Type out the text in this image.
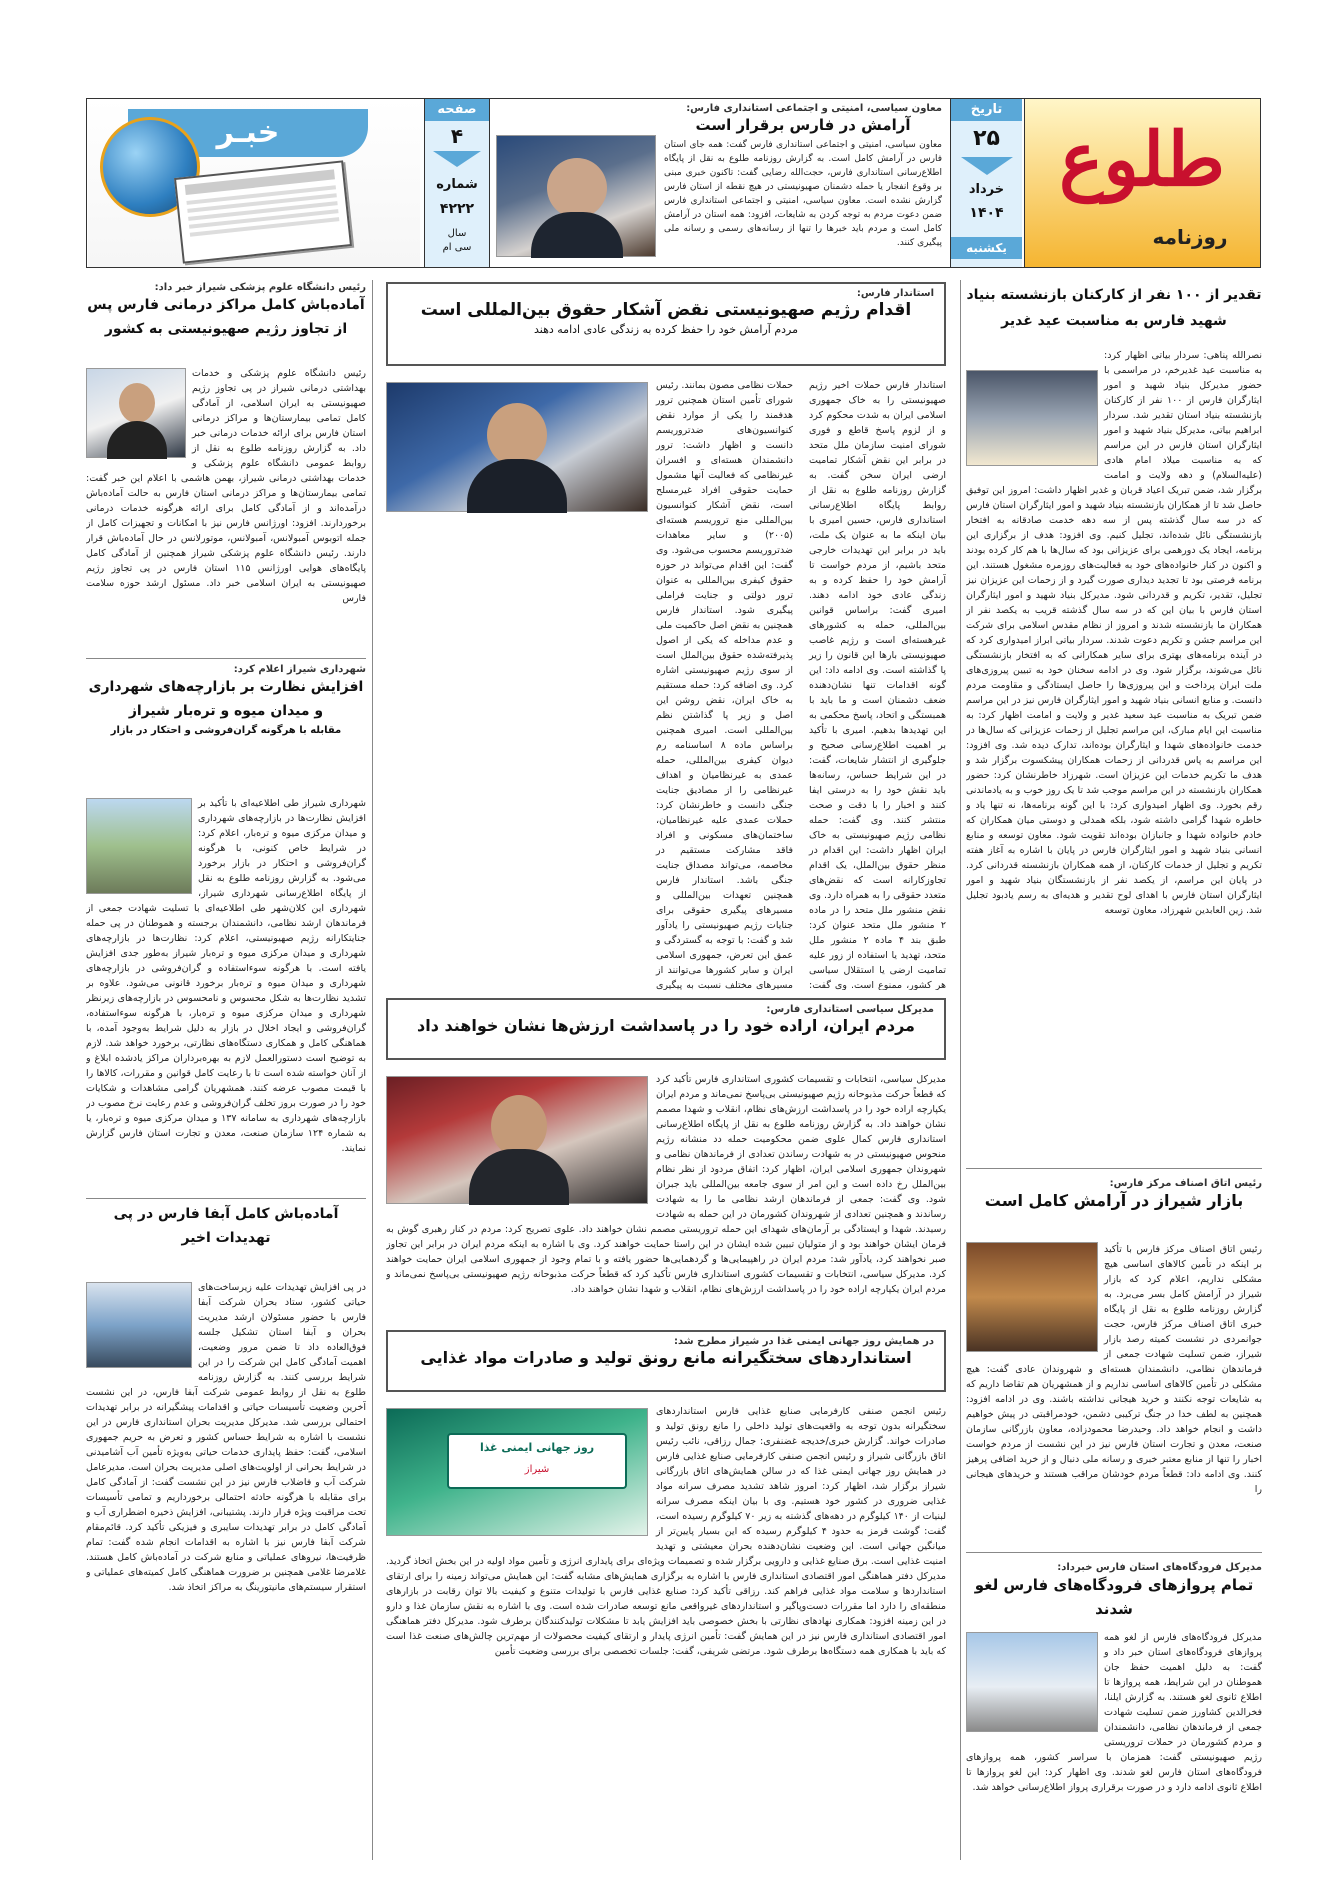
طلوع
روزنامه
تاریخ
۲۵
خرداد
۱۴۰۴
یکشنبه

معاون سیاسی، امنیتی و اجتماعی استانداری فارس:

آرامش در فارس برقرار است

معاون سیاسی، امنیتی و اجتماعی استانداری فارس گفت: همه جای استان فارس در آرامش کامل است. به گزارش روزنامه طلوع به نقل از پایگاه اطلاع‌رسانی استانداری فارس، حجت‌الله رضایی گفت: تاکنون خبری مبنی بر وقوع انفجار یا حمله دشمنان صهیونیستی در هیچ نقطه از استان فارس گزارش نشده است. معاون سیاسی، امنیتی و اجتماعی استانداری فارس ضمن دعوت مردم به توجه کردن به شایعات، افزود: همه استان در آرامش کامل است و مردم باید خبرها را تنها از رسانه‌های رسمی و رسانه ملی پیگیری کنند.

صفحه
۴
شماره
۴۲۲۲
سال
سی ام
خبـر

تقدیر از ۱۰۰ نفر از کارکنان بازنشسته بنیاد شهید فارس به مناسبت عید غدیر

نصرالله پناهی: سردار بیاتی اظهار کرد: به مناسبت عید غدیرخم، در مراسمی با حضور مدیرکل بنیاد شهید و امور ایثارگران فارس از ۱۰۰ نفر از کارکنان بازنشسته بنیاد استان تقدیر شد. سردار ابراهیم بیاتی، مدیرکل بنیاد شهید و امور ایثارگران استان فارس در این مراسم که به مناسبت میلاد امام هادی (علیه‌السلام) و دهه ولایت و امامت برگزار شد، ضمن تبریک اعیاد قربان و غدیر اظهار داشت: امروز این توفیق حاصل شد تا از همکاران بازنشسته بنیاد شهید و امور ایثارگران استان فارس که در سه سال گذشته پس از سه دهه خدمت صادقانه به افتخار بازنشستگی نائل شده‌اند، تجلیل کنیم. وی افزود: هدف از برگزاری این برنامه، ایجاد یک دورهمی برای عزیزانی بود که سال‌ها با هم کار کرده بودند و اکنون در کنار خانواده‌های خود به فعالیت‌های روزمره مشغول هستند. این برنامه فرصتی بود تا تجدید دیداری صورت گیرد و از زحمات این عزیزان نیز تجلیل، تقدیر، تکریم و قدردانی شود. مدیرکل بنیاد شهید و امور ایثارگران استان فارس با بیان این که در سه سال گذشته قریب به یکصد نفر از همکاران ما بازنشسته شدند و امروز از نظام مقدس اسلامی برای شرکت این مراسم جشن و تکریم دعوت شدند. سردار بیاتی ابراز امیدواری کرد که در آینده برنامه‌های بهتری برای سایر همکارانی که به افتخار بازنشستگی نائل می‌شوند، برگزار شود. وی در ادامه سخنان خود به تبیین پیروزی‌های ملت ایران پرداخت و این پیروزی‌ها را حاصل ایستادگی و مقاومت مردم دانست. و منابع انسانی بنیاد شهید و امور ایثارگران فارس نیز در این مراسم ضمن تبریک به مناسبت عید سعید غدیر و ولایت و امامت اظهار کرد: به مناسبت این ایام مبارک، این مراسم تجلیل از زحمات عزیزانی که سال‌ها در خدمت خانواده‌های شهدا و ایثارگران بوده‌اند، تدارک دیده شد. وی افزود: این مراسم به پاس قدردانی از زحمات همکاران پیشکسوت برگزار شد و هدف ما تکریم خدمات این عزیزان است. شهرزاد خاطرنشان کرد: حضور همکاران بازنشسته در این مراسم موجب شد تا یک روز خوب و به یادماندنی رقم بخورد. وی اظهار امیدواری کرد: با این گونه برنامه‌ها، نه تنها یاد و خاطره شهدا گرامی داشته شود، بلکه همدلی و دوستی میان همکاران که خادم خانواده شهدا و جانبازان بوده‌اند تقویت شود. معاون توسعه و منابع انسانی بنیاد شهید و امور ایثارگران فارس در پایان با اشاره به آغاز هفته تکریم و تجلیل از خدمات کارکنان، از همه همکاران بازنشسته قدردانی کرد. در پایان این مراسم، از یکصد نفر از بازنشستگان بنیاد شهید و امور ایثارگران استان فارس با اهدای لوح تقدیر و هدیه‌ای به رسم یادبود تجلیل شد. زین العابدین شهرزاد، معاون توسعه

رئیس اتاق اصناف مرکز فارس:

بازار شیراز در آرامش کامل است

رئیس اتاق اصناف مرکز فارس با تأکید بر اینکه در تأمین کالاهای اساسی هیچ مشکلی نداریم، اعلام کرد که بازار شیراز در آرامش کامل بسر می‌برد. به گزارش روزنامه طلوع به نقل از پایگاه خبری اتاق اصناف مرکز فارس، حجت جوانمردی در نشست کمیته رصد بازار شیراز، ضمن تسلیت شهادت جمعی از فرماندهان نظامی، دانشمندان هسته‌ای و شهروندان عادی گفت: هیچ مشکلی در تأمین کالاهای اساسی نداریم و از همشهریان هم تقاضا داریم که به شایعات توجه نکنند و خرید هیجانی نداشته باشند. وی در ادامه افزود: همچنین به لطف خدا در جنگ ترکیبی دشمن، خودمراقبتی در پیش خواهیم داشت و انجام خواهد داد. وحیدرضا محمودزاده، معاون بازرگانی سازمان صنعت، معدن و تجارت استان فارس نیز در این نشست از مردم خواست اخبار را تنها از منابع معتبر خبری و رسانه ملی دنبال و از خرید اضافی پرهیز کنند. وی ادامه داد: قطعاً مردم خودشان مراقب هستند و خریدهای هیجانی را

مدیرکل فرودگاه‌های استان فارس خبرداد:

تمام پروازهای فرودگاه‌های فارس لغو شدند

مدیرکل فرودگاه‌های فارس از لغو همه پروازهای فرودگاه‌های استان خبر داد و گفت: به دلیل اهمیت حفظ جان هموطنان در این شرایط، همه پروازها تا اطلاع ثانوی لغو هستند. به گزارش ایلنا، فخرالدین کشاورز ضمن تسلیت شهادت جمعی از فرماندهان نظامی، دانشمندان و مردم کشورمان در حملات تروریستی رژیم صهیونیستی گفت: همزمان با سراسر کشور، همه پروازهای فرودگاه‌های استان فارس لغو شدند. وی اظهار کرد: این لغو پروازها تا اطلاع ثانوی ادامه دارد و در صورت برقراری پرواز اطلاع‌رسانی خواهد شد.

استاندار فارس:

اقدام رژیم صهیونیستی نقض آشکار حقوق بین‌المللی است

مردم آرامش خود را حفظ کرده به زندگی عادی ادامه دهند

استاندار فارس حملات اخیر رژیم صهیونیستی را به خاک جمهوری اسلامی ایران به شدت محکوم کرد و از لزوم پاسخ قاطع و فوری شورای امنیت سازمان ملل متحد در برابر این نقض آشکار تمامیت ارضی ایران سخن گفت. به گزارش روزنامه طلوع به نقل از روابط پایگاه اطلاع‌رسانی استانداری فارس، حسین امیری با بیان اینکه ما به عنوان یک ملت، باید در برابر این تهدیدات خارجی متحد باشیم، از مردم خواست تا آرامش خود را حفظ کرده و به زندگی عادی خود ادامه دهند. امیری گفت: براساس قوانین بین‌المللی، حمله به کشورهای غیرهسته‌ای است و رژیم غاصب صهیونیستی بارها این قانون را زیر پا گذاشته است. وی ادامه داد: این گونه اقدامات تنها نشان‌دهنده ضعف دشمنان است و ما باید با همبستگی و اتحاد، پاسخ محکمی به این تهدیدها بدهیم. امیری با تأکید بر اهمیت اطلاع‌رسانی صحیح و جلوگیری از انتشار شایعات، گفت: در این شرایط حساس، رسانه‌ها باید نقش خود را به درستی ایفا کنند و اخبار را با دقت و صحت منتشر کنند. وی گفت: حمله نظامی رژیم صهیونیستی به خاک ایران اظهار داشت: این اقدام در منظر حقوق بین‌الملل، یک اقدام تجاوزکارانه است که نقض‌های متعدد حقوقی را به همراه دارد. وی نقض منشور ملل متحد را در ماده ۲ منشور ملل متحد عنوان کرد: طبق بند ۴ ماده ۲ منشور ملل متحد، تهدید یا استفاده از زور علیه تمامیت ارضی یا استقلال سیاسی هر کشور، ممنوع است. وی گفت: حملات نظامی مصون بمانند. رئیس شورای تأمین استان همچنین ترور هدفمند را یکی از موارد نقض کنوانسیون‌های ضدتروریسم دانست و اظهار داشت: ترور دانشمندان هسته‌ای و افسران غیرنظامی که فعالیت آنها مشمول حمایت حقوقی افراد غیرمسلح است، نقض آشکار کنوانسیون بین‌المللی منع تروریسم هسته‌ای (۲۰۰۵) و سایر معاهدات ضدتروریسم محسوب می‌شود. وی گفت: این اقدام می‌تواند در حوزه حقوق کیفری بین‌المللی به عنوان ترور دولتی و جنایت فراملی پیگیری شود. استاندار فارس همچنین به نقض اصل حاکمیت ملی و عدم مداخله که یکی از اصول پذیرفته‌شده حقوق بین‌الملل است از سوی رژیم صهیونیستی اشاره کرد. وی اضافه کرد: حمله مستقیم به خاک ایران، نقض روشن این اصل و زیر پا گذاشتن نظم بین‌المللی است. امیری همچنین براساس ماده ۸ اساسنامه رم دیوان کیفری بین‌المللی، حمله عمدی به غیرنظامیان و اهداف غیرنظامی را از مصادیق جنایت جنگی دانست و خاطرنشان کرد: حملات عمدی علیه غیرنظامیان، ساختمان‌های مسکونی و افراد فاقد مشارکت مستقیم در مخاصمه، می‌تواند مصداق جنایت جنگی باشد. استاندار فارس همچنین تعهدات بین‌المللی و مسیرهای پیگیری حقوقی برای جنایات رژیم صهیونیستی را یادآور شد و گفت: با توجه به گستردگی و عمق این تعرض، جمهوری اسلامی ایران و سایر کشورها می‌توانند از مسیرهای مختلف نسبت به پیگیری

مدیرکل سیاسی استانداری فارس:

مردم ایران، اراده خود را در پاسداشت ارزش‌ها نشان خواهند داد

مدیرکل سیاسی، انتخابات و تقسیمات کشوری استانداری فارس تأکید کرد که قطعاً حرکت مذبوحانه رژیم صهیونیستی بی‌پاسخ نمی‌ماند و مردم ایران یکپارچه اراده خود را در پاسداشت ارزش‌های نظام، انقلاب و شهدا مصمم نشان خواهند داد. به گزارش روزنامه طلوع به نقل از پایگاه اطلاع‌رسانی استانداری فارس کمال علوی ضمن محکومیت حمله دد منشانه رژیم منحوس صهیونیستی در به شهادت رساندن تعدادی از فرماندهان نظامی و شهروندان جمهوری اسلامی ایران، اظهار کرد: اتفاق مردود از نظر نظام بین‌الملل رخ داده است و این امر از سوی جامعه بین‌المللی باید جبران شود. وی گفت: جمعی از فرماندهان ارشد نظامی ما را به شهادت رساندند و همچنین تعدادی از شهروندان کشورمان در این حمله به شهادت رسیدند. شهدا و ایستادگی بر آرمان‌های شهدای این حمله تروریستی مصمم نشان خواهند داد. علوی تصریح کرد: مردم در کنار رهبری گوش به فرمان ایشان خواهند بود و از متولیان تبیین شده ایشان در این راستا حمایت خواهند کرد. وی با اشاره به اینکه مردم ایران در برابر این تجاوز صبر نخواهند کرد، یادآور شد: مردم ایران در راهپیمایی‌ها و گردهمایی‌ها حضور یافته و با تمام وجود از جمهوری اسلامی ایران حمایت خواهند کرد. مدیرکل سیاسی، انتخابات و تقسیمات کشوری استانداری فارس تأکید کرد که قطعاً حرکت مذبوحانه رژیم صهیونیستی بی‌پاسخ نمی‌ماند و مردم ایران یکپارچه اراده خود را در پاسداشت ارزش‌های نظام، انقلاب و شهدا نشان خواهند داد.

در همایش روز جهانی ایمنی غذا در شیراز مطرح شد:

استانداردهای سختگیرانه مانع رونق تولید و صادرات مواد غذایی

روز جهانی ایمنی غذا
شیراز

رئیس انجمن صنفی کارفرمایی صنایع غذایی فارس استانداردهای سختگیرانه بدون توجه به واقعیت‌های تولید داخلی را مانع رونق تولید و صادرات خواند. گزارش خبری/خدیجه غضنفری: جمال رزاقی، نائب رئیس اتاق بازرگانی شیراز و رئیس انجمن صنفی کارفرمایی صنایع غذایی فارس در همایش روز جهانی ایمنی غذا که در سالن همایش‌های اتاق بازرگانی شیراز برگزار شد، اظهار کرد: امروز شاهد تشدید مصرف سرانه مواد غذایی ضروری در کشور خود هستیم. وی با بیان اینکه مصرف سرانه لبنیات از ۱۴۰ کیلوگرم در دهه‌های گذشته به زیر ۷۰ کیلوگرم رسیده است، گفت: گوشت قرمز به حدود ۴ کیلوگرم رسیده که این بسیار پایین‌تر از میانگین جهانی است. این وضعیت نشان‌دهنده بحران معیشتی و تهدید امنیت غذایی است. برق صنایع غذایی و دارویی برگزار شده و تصمیمات ویژه‌ای برای پایداری انرژی و تأمین مواد اولیه در این بخش اتخاذ گردید. مدیرکل دفتر هماهنگی امور اقتصادی استانداری فارس با اشاره به برگزاری همایش‌های مشابه گفت: این همایش می‌تواند زمینه را برای ارتقای استانداردها و سلامت مواد غذایی فراهم کند. رزاقی تأکید کرد: صنایع غذایی فارس با تولیدات متنوع و کیفیت بالا توان رقابت در بازارهای منطقه‌ای را دارد اما مقررات دست‌وپاگیر و استانداردهای غیرواقعی مانع توسعه صادرات شده است. وی با اشاره به نقش سازمان غذا و دارو در این زمینه افزود: همکاری نهادهای نظارتی با بخش خصوصی باید افزایش یابد تا مشکلات تولیدکنندگان برطرف شود. مدیرکل دفتر هماهنگی امور اقتصادی استانداری فارس نیز در این همایش گفت: تأمین انرژی پایدار و ارتقای کیفیت محصولات از مهم‌ترین چالش‌های صنعت غذا است که باید با همکاری همه دستگاه‌ها برطرف شود. مرتضی شریفی، گفت: جلسات تخصصی برای بررسی وضعیت تأمین

رئیس دانشگاه علوم پزشکی شیراز خبر داد:

آماده‌باش کامل مراکز درمانی فارس پس از تجاوز رژیم صهیونیستی به کشور

رئیس دانشگاه علوم پزشکی و خدمات بهداشتی درمانی شیراز در پی تجاوز رژیم صهیونیستی به ایران اسلامی، از آمادگی کامل تمامی بیمارستان‌ها و مراکز درمانی استان فارس برای ارائه خدمات درمانی خبر داد. به گزارش روزنامه طلوع به نقل از روابط عمومی دانشگاه علوم پزشکی و خدمات بهداشتی درمانی شیراز، بهمن هاشمی با اعلام این خبر گفت: تمامی بیمارستان‌ها و مراکز درمانی استان فارس به حالت آماده‌باش درآمده‌اند و از آمادگی کامل برای ارائه هرگونه خدمات درمانی برخوردارند. افزود: اورژانس فارس نیز با امکانات و تجهیزات کامل از جمله اتوبوس آمبولانس، آمبولانس، موتورلانس در حال آماده‌باش قرار دارند. رئیس دانشگاه علوم پزشکی شیراز همچنین از آمادگی کامل پایگاه‌های هوایی اورژانس ۱۱۵ استان فارس در پی تجاوز رژیم صهیونیستی به ایران اسلامی خبر داد. مسئول ارشد حوزه سلامت فارس

شهرداری شیراز اعلام کرد:

افزایش نظارت بر بازارچه‌های شهرداری و میدان میوه و تره‌بار شیراز

مقابله با هرگونه گران‌فروشی و احتکار در بازار

شهرداری شیراز طی اطلاعیه‌ای با تأکید بر افزایش نظارت‌ها در بازارچه‌های شهرداری و میدان مرکزی میوه و تره‌بار، اعلام کرد: در شرایط خاص کنونی، با هرگونه گران‌فروشی و احتکار در بازار برخورد می‌شود. به گزارش روزنامه طلوع به نقل از پایگاه اطلاع‌رسانی شهرداری شیراز، شهرداری این کلان‌شهر طی اطلاعیه‌ای با تسلیت شهادت جمعی از فرماندهان ارشد نظامی، دانشمندان برجسته و هموطنان در پی حمله جنایتکارانه رژیم صهیونیستی، اعلام کرد: نظارت‌ها در بازارچه‌های شهرداری و میدان مرکزی میوه و تره‌بار شیراز به‌طور جدی افزایش یافته است. با هرگونه سوءاستفاده و گران‌فروشی در بازارچه‌های شهرداری و میدان میوه و تره‌بار برخورد قانونی می‌شود. علاوه بر تشدید نظارت‌ها به شکل محسوس و نامحسوس در بازارچه‌های زیرنظر شهرداری و میدان مرکزی میوه و تره‌بار، با هرگونه سوءاستفاده، گران‌فروشی و ایجاد اخلال در بازار به دلیل شرایط به‌وجود آمده، با هماهنگی کامل و همکاری دستگاه‌های نظارتی، برخورد خواهد شد. لازم به توضیح است دستورالعمل لازم به بهره‌برداران مراکز یادشده ابلاغ و از آنان خواسته شده است تا با رعایت کامل قوانین و مقررات، کالاها را با قیمت مصوب عرضه کنند. همشهریان گرامی مشاهدات و شکایات خود را در صورت بروز تخلف گران‌فروشی و عدم رعایت نرخ مصوب در بازارچه‌های شهرداری به سامانه ۱۳۷ و میدان مرکزی میوه و تره‌بار، یا به شماره ۱۲۴ سازمان صنعت، معدن و تجارت استان فارس گزارش نمایند.

آماده‌باش کامل آبفا فارس در پی تهدیدات اخیر

در پی افزایش تهدیدات علیه زیرساخت‌های حیاتی کشور، ستاد بحران شرکت آبفا فارس با حضور مسئولان ارشد مدیریت بحران و آبفا استان تشکیل جلسه فوق‌العاده داد تا ضمن مرور وضعیت، اهمیت آمادگی کامل این شرکت را در این شرایط بررسی کنند. به گزارش روزنامه طلوع به نقل از روابط عمومی شرکت آبفا فارس، در این نشست آخرین وضعیت تأسیسات حیاتی و اقدامات پیشگیرانه در برابر تهدیدات احتمالی بررسی شد. مدیرکل مدیریت بحران استانداری فارس در این نشست با اشاره به شرایط حساس کشور و تعرض به حریم جمهوری اسلامی، گفت: حفظ پایداری خدمات حیاتی به‌ویژه تأمین آب آشامیدنی در شرایط بحرانی از اولویت‌های اصلی مدیریت بحران است. مدیرعامل شرکت آب و فاضلاب فارس نیز در این نشست گفت: از آمادگی کامل برای مقابله با هرگونه حادثه احتمالی برخورداریم و تمامی تأسیسات تحت مراقبت ویژه قرار دارند. پشتیبانی، افزایش ذخیره اضطراری آب و آمادگی کامل در برابر تهدیدات سایبری و فیزیکی تأکید کرد. قائم‌مقام شرکت آبفا فارس نیز با اشاره به اقدامات انجام شده گفت: تمام ظرفیت‌ها، نیروهای عملیاتی و منابع شرکت در آماده‌باش کامل هستند. غلامرضا غلامی همچنین بر ضرورت هماهنگی کامل کمیته‌های عملیاتی و استقرار سیستم‌های مانیتورینگ به مراکز اتخاذ شد.
